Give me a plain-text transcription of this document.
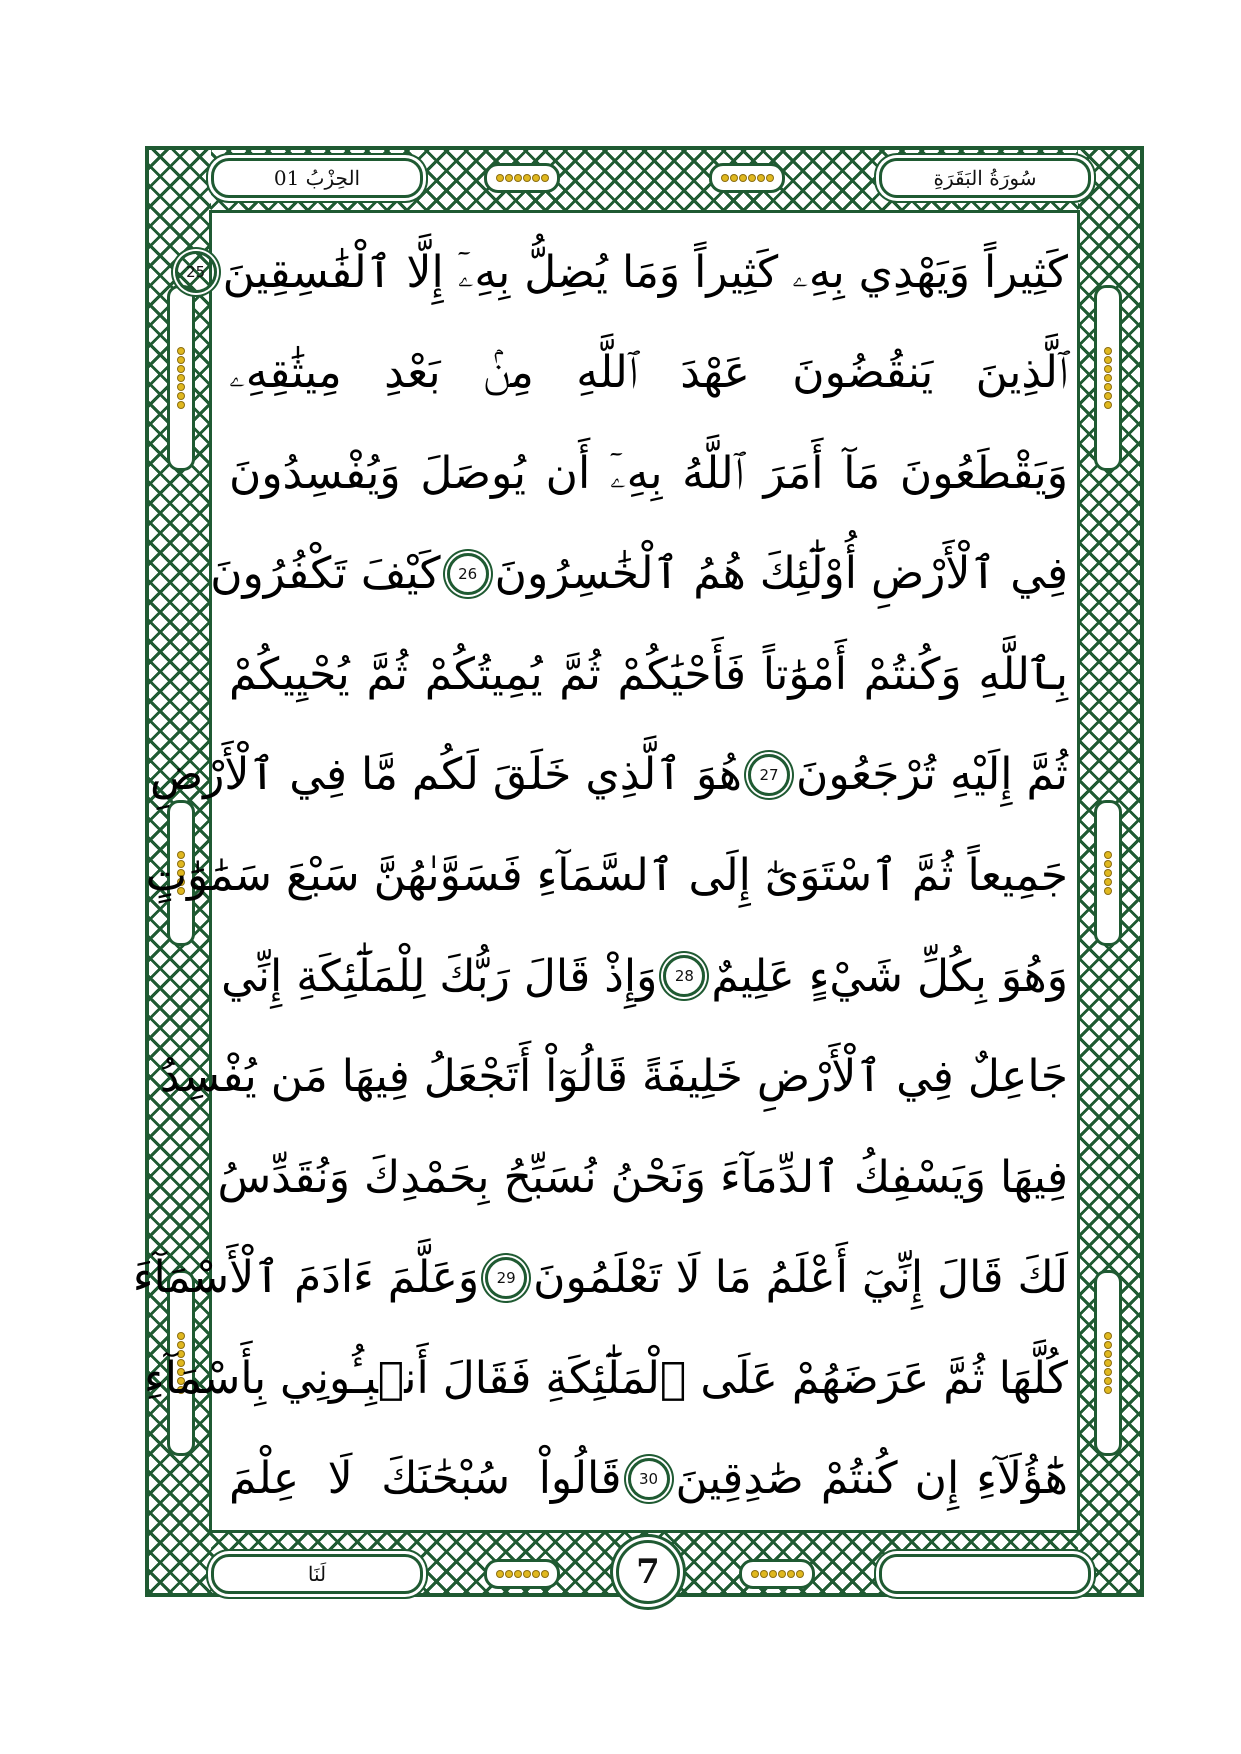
الحِزْبُ 01	سُورَةُ البَقَرَةِ
لَنَا	7
كَثِيراً وَيَهْدِي بِهِۦ كَثِيراً وَمَا يُضِلُّ بِهِۦٓ إِلَّا ٱلْفَٰسِقِينَ
25
ٱلَّذِينَ يَنقُضُونَ عَهْدَ ٱللَّهِ مِنۢ بَعْدِ مِيثَٰقِهِۦ
وَيَقْطَعُونَ مَآ أَمَرَ ٱللَّهُ بِهِۦٓ أَن يُوصَلَ وَيُفْسِدُونَ
فِي ٱلْأَرْضِ أُوْلَٰٓئِكَ هُمُ ٱلْخَٰسِرُونَ
26
كَيْفَ تَكْفُرُونَ
بِٱللَّهِ وَكُنتُمْ أَمْوَٰتاً فَأَحْيَٰكُمْ ثُمَّ يُمِيتُكُمْ ثُمَّ يُحْيِيكُمْ
ثُمَّ إِلَيْهِ تُرْجَعُونَ
27
هُوَ ٱلَّذِي خَلَقَ لَكُم مَّا فِي ٱلْأَرْضِ
جَمِيعاً ثُمَّ ٱسْتَوَىٰٓ إِلَى ٱلسَّمَآءِ فَسَوَّىٰهُنَّ سَبْعَ سَمَٰوَٰتٍ
وَهُوَ بِكُلِّ شَيْءٍ عَلِيمٌ
28
وَإِذْ قَالَ رَبُّكَ لِلْمَلَٰٓئِكَةِ إِنِّي
جَاعِلٌ فِي ٱلْأَرْضِ خَلِيفَةً قَالُوٓاْ أَتَجْعَلُ فِيهَا مَن يُفْسِدُ
فِيهَا وَيَسْفِكُ ٱلدِّمَآءَ وَنَحْنُ نُسَبِّحُ بِحَمْدِكَ وَنُقَدِّسُ
لَكَ قَالَ إِنِّيٓ أَعْلَمُ مَا لَا تَعْلَمُونَ
29
وَعَلَّمَ ءَادَمَ ٱلْأَسْمَآءَ
كُلَّهَا ثُمَّ عَرَضَهُمْ عَلَى ٱلْمَلَٰٓئِكَةِ فَقَالَ أَنۢبِـُٔونِي بِأَسْمَآءِ
هَٰٓؤُلَآءِ إِن كُنتُمْ صَٰدِقِينَ
30
قَالُواْ سُبْحَٰنَكَ لَا عِلْمَ
